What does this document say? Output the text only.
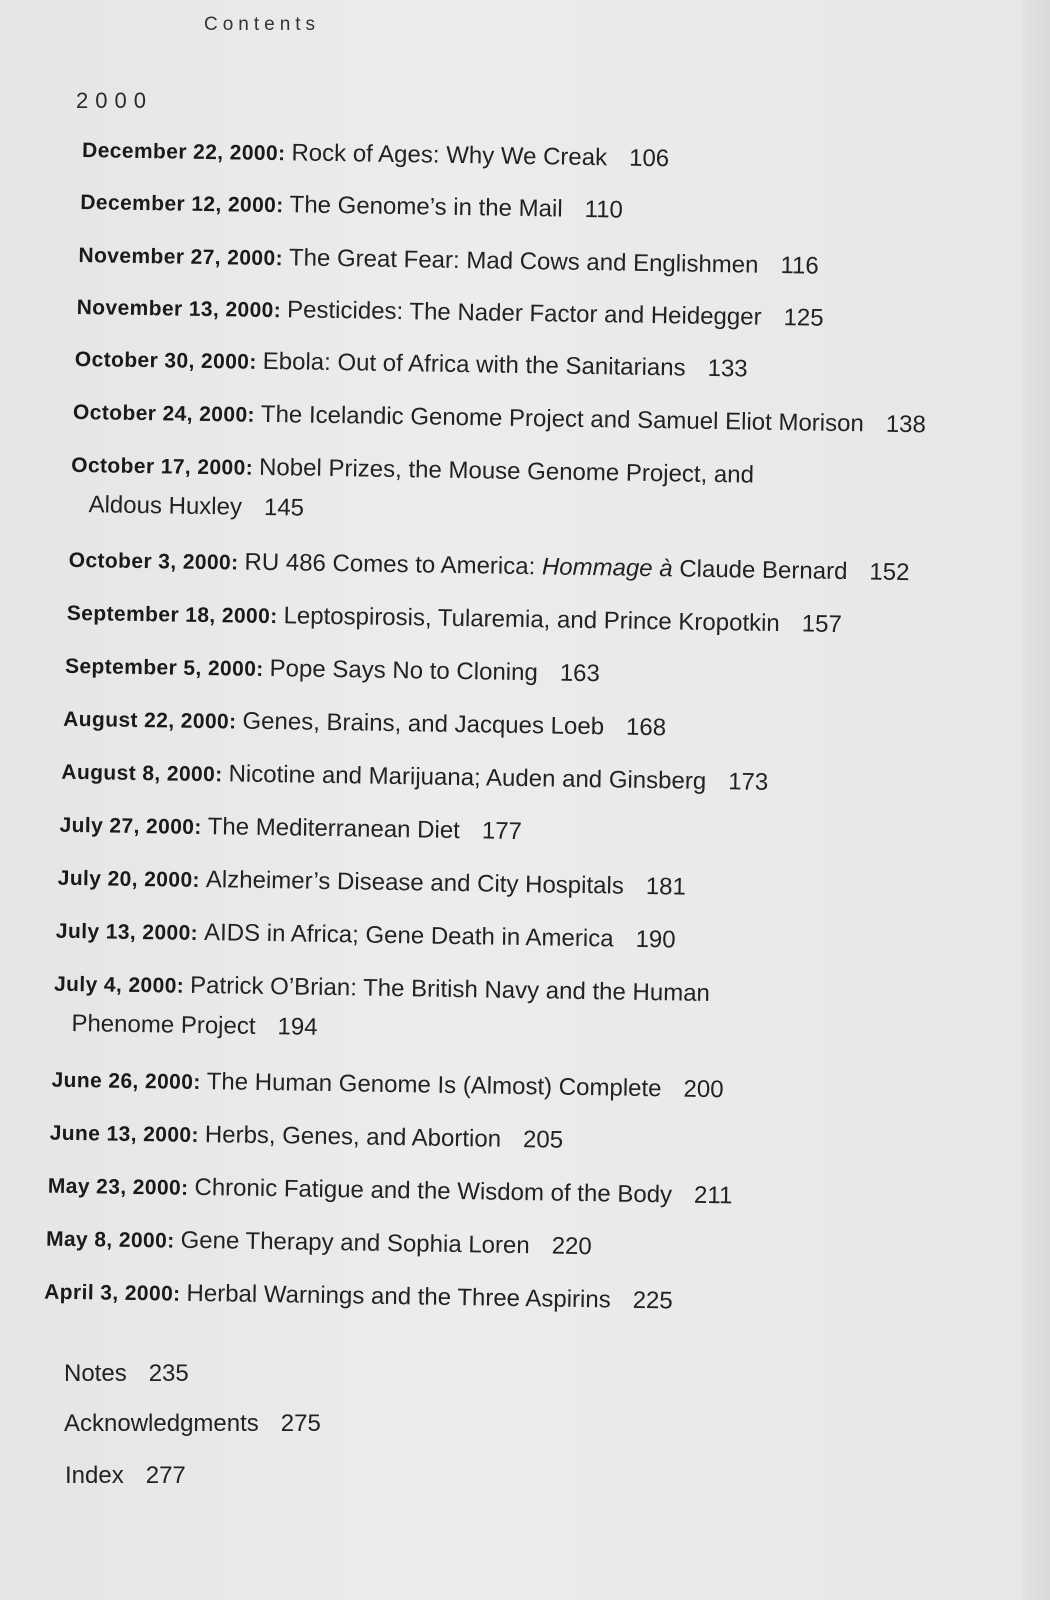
Contents
2000
December 22, 2000: Rock of Ages: Why We Creak 106
December 12, 2000: The Genome’s in the Mail 110
November 27, 2000: The Great Fear: Mad Cows and Englishmen 116
November 13, 2000: Pesticides: The Nader Factor and Heidegger 125
October 30, 2000: Ebola: Out of Africa with the Sanitarians 133
October 24, 2000: The Icelandic Genome Project and Samuel Eliot Morison 138
October 17, 2000: Nobel Prizes, the Mouse Genome Project, and
Aldous Huxley 145
October 3, 2000: RU 486 Comes to America: Hommage à Claude Bernard 152
September 18, 2000: Leptospirosis, Tularemia, and Prince Kropotkin 157
September 5, 2000: Pope Says No to Cloning 163
August 22, 2000: Genes, Brains, and Jacques Loeb 168
August 8, 2000: Nicotine and Marijuana; Auden and Ginsberg 173
July 27, 2000: The Mediterranean Diet 177
July 20, 2000: Alzheimer’s Disease and City Hospitals 181
July 13, 2000: AIDS in Africa; Gene Death in America 190
July 4, 2000: Patrick O’Brian: The British Navy and the Human
Phenome Project 194
June 26, 2000: The Human Genome Is (Almost) Complete 200
June 13, 2000: Herbs, Genes, and Abortion 205
May 23, 2000: Chronic Fatigue and the Wisdom of the Body 211
May 8, 2000: Gene Therapy and Sophia Loren 220
April 3, 2000: Herbal Warnings and the Three Aspirins 225
Notes 235
Acknowledgments 275
Index 277
